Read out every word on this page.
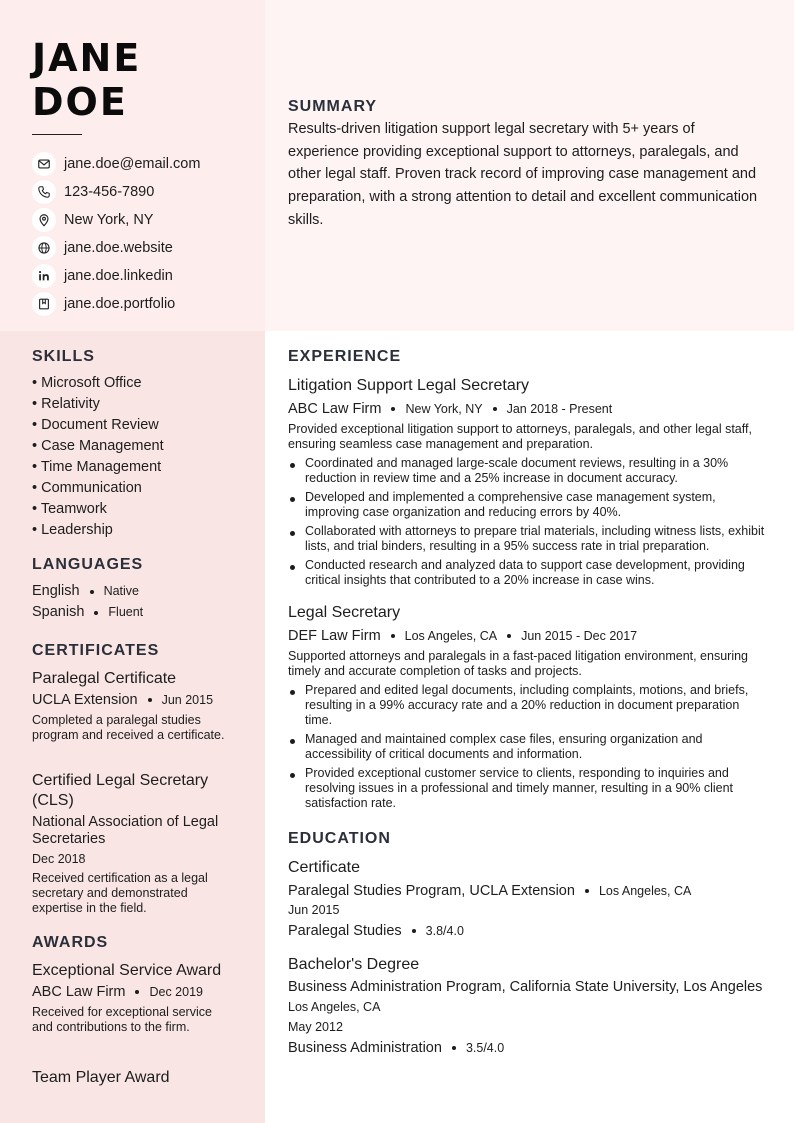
JANE
DOE
jane.doe@email.com
123-456-7890
New York, NY
jane.doe.website
jane.doe.linkedin
jane.doe.portfolio
SUMMARY
Results-driven litigation support legal secretary with 5+ years of experience providing exceptional support to attorneys, paralegals, and other legal staff. Proven track record of improving case management and preparation, with a strong attention to detail and excellent communication skills.
SKILLS
• Microsoft Office
• Relativity
• Document Review
• Case Management
• Time Management
• Communication
• Teamwork
• Leadership
LANGUAGES
English Native
Spanish Fluent
CERTIFICATES
Paralegal Certificate
UCLA Extension Jun 2015
Completed a paralegal studies program and received a certificate.
Certified Legal Secretary (CLS)
National Association of Legal Secretaries
Dec 2018
Received certification as a legal secretary and demonstrated expertise in the field.
AWARDS
Exceptional Service Award
ABC Law Firm Dec 2019
Received for exceptional service and contributions to the firm.
Team Player Award
EXPERIENCE
Litigation Support Legal Secretary
ABC Law Firm New York, NY Jan 2018 - Present
Provided exceptional litigation support to attorneys, paralegals, and other legal staff, ensuring seamless case management and preparation.
Coordinated and managed large-scale document reviews, resulting in a 30% reduction in review time and a 25% increase in document accuracy.
Developed and implemented a comprehensive case management system, improving case organization and reducing errors by 40%.
Collaborated with attorneys to prepare trial materials, including witness lists, exhibit lists, and trial binders, resulting in a 95% success rate in trial preparation.
Conducted research and analyzed data to support case development, providing critical insights that contributed to a 20% increase in case wins.
Legal Secretary
DEF Law Firm Los Angeles, CA Jun 2015 - Dec 2017
Supported attorneys and paralegals in a fast-paced litigation environment, ensuring timely and accurate completion of tasks and projects.
Prepared and edited legal documents, including complaints, motions, and briefs, resulting in a 99% accuracy rate and a 20% reduction in document preparation time.
Managed and maintained complex case files, ensuring organization and accessibility of critical documents and information.
Provided exceptional customer service to clients, responding to inquiries and resolving issues in a professional and timely manner, resulting in a 90% client satisfaction rate.
EDUCATION
Certificate
Paralegal Studies Program, UCLA Extension Los Angeles, CA
Jun 2015
Paralegal Studies 3.8/4.0
Bachelor's Degree
Business Administration Program, California State University, Los Angeles
Los Angeles, CA
May 2012
Business Administration 3.5/4.0
